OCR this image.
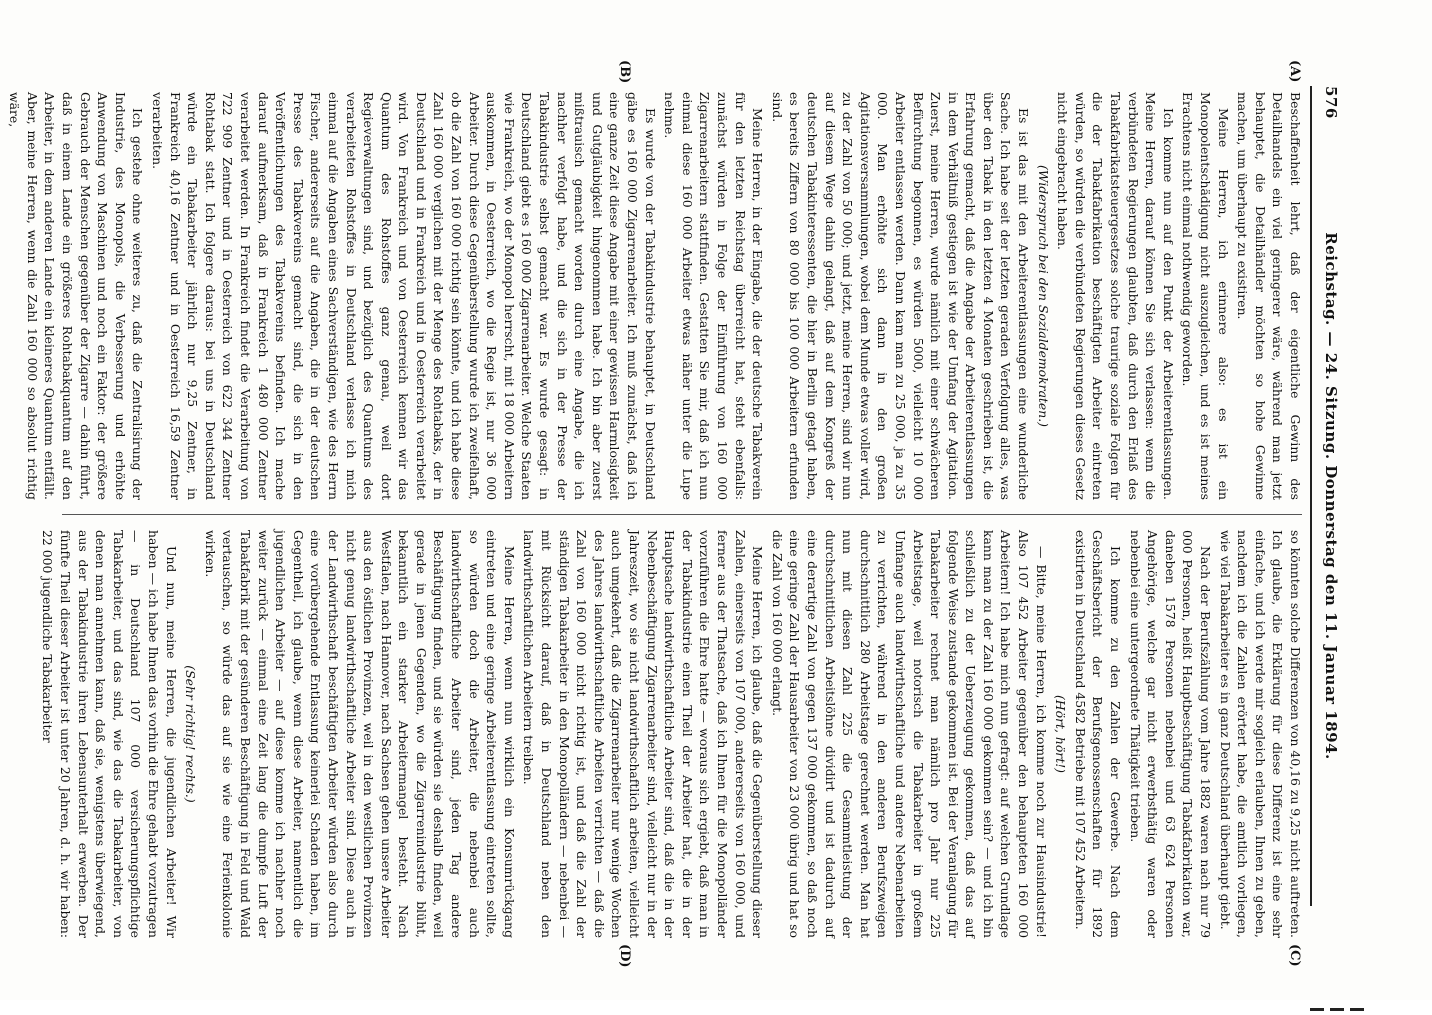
576
Reichstag. — 24. Sitzung. Donnerstag den 11. Januar 1894.
(A)
(B)
(C)
(D)

Beschaffenheit lehrt, daß der eigentliche Gewinn des Detailhandels ein viel geringerer wäre, während man jetzt behauptet, die Detailhändler möchten so hohe Gewinne machen, um überhaupt zu existiren.

Meine Herren, ich erinnere also: es ist ein Monopolentschädigung nicht auszugleichen, und es ist meines Erachtens nicht einmal nothwendig geworden.

Ich komme nun auf den Punkt der Arbeiterentlassungen. Meine Herren, darauf können Sie sich verlassen: wenn die verbündeten Regierungen glaubten, daß durch den Erlaß des Tabakfabrikatsteuergesetzes solche traurige soziale Folgen für die der Tabakfabrikation beschäftigten Arbeiter eintreten würden, so würden die verbündeten Regierungen dieses Gesetz nicht eingebracht haben.

(Widerspruch bei den Sozialdemokraten.)

Es ist das mit den Arbeiterentlassungen eine wunderliche Sache. Ich habe seit der letzten geraden Verfolgung alles, was über den Tabak in den letzten 4 Monaten geschrieben ist, die Erfahrung gemacht, daß die Angabe der Arbeiterentlassungen in dem Verhältniß gestiegen ist wie der Umfang der Agitation. Zuerst, meine Herren, wurde nämlich mit einer schwächeren Befürchtung begonnen, es würden 5000, vielleicht 10 000 Arbeiter entlassen werden. Dann kam man zu 25 000, ja zu 35 000. Man erhöhte sich dann in den großen Agitationsversammlungen, wobei dem Munde etwas voller wird, zu der Zahl von 50 000; und jetzt, meine Herren, sind wir nun auf diesem Wege dahin gelangt, daß auf dem Kongreß der deutschen Tabakinteressenten, die hier in Berlin getagt haben, es bereits Ziffern von 80 000 bis 100 000 Arbeitern erfunden sind.

Meine Herren, in der Eingabe, die der deutsche Tabakverein für den letzten Reichstag überreicht hat, steht ebenfalls: zunächst würden in Folge der Einführung von 160 000 Zigarrenarbeitern stattfinden. Gestatten Sie mir, daß ich nun einmal diese 160 000 Arbeiter etwas näher unter die Lupe nehme.

Es wurde von der Tabakindustrie behauptet, in Deutschland gäbe es 160 000 Zigarrenarbeiter. Ich muß zunächst, daß ich eine ganze Zeit diese Angabe mit einer gewissen Harmlosigkeit und Gutgläubigkeit hingenommen habe. Ich bin aber zuerst mißtrauisch gemacht worden durch eine Angabe, die ich nachher verfolgt habe, und die sich in der Presse der Tabakindustrie selbst gemacht war. Es wurde gesagt: in Deutschland giebt es 160 000 Zigarrenarbeiter. Welche Staaten wie Frankreich, wo der Monopol herrscht, mit 18 000 Arbeitern auskommen, in Oesterreich, wo die Regie ist, nur 36 000 Arbeiter. Durch diese Gegenüberstellung wurde ich zweifelhaft, ob die Zahl von 160 000 richtig sein könnte, und ich habe diese Zahl 160 000 verglichen mit der Menge des Rohtabaks, der in Deutschland und in Frankreich und in Oesterreich verarbeitet wird. Von Frankreich und von Oesterreich kennen wir das Quantum des Rohstoffes ganz genau, weil dort Regieverwaltungen sind, und bezüglich des Quantums des verarbeiteten Rohstoffes in Deutschland verlasse ich mich einmal auf die Angaben eines Sachverständigen, wie des Herrn Fischer, andererseits auf die Angaben, die in der deutschen Presse des Tabakvereins gemacht sind, die sich in den Veröffentlichungen des Tabakvereins befinden. Ich mache darauf aufmerksam, daß in Frankreich 1 480 000 Zentner verarbeitet werden. In Frankreich findet die Verarbeitung von 722 909 Zentner und in Oesterreich von 622 344 Zentner Rohtabak statt. Ich folgere daraus: bei uns in Deutschland würde ein Tabakarbeiter jährlich nur 9,25 Zentner, in Frankreich 40,16 Zentner und in Oesterreich 16,59 Zentner verarbeiten.

Ich gestehe ohne weiteres zu, daß die Zentralisirung der Industrie, des Monopols, die Verbesserung und erhöhte Anwendung von Maschinen und noch ein Faktor: der größere Gebrauch der Menschen gegenüber der Zigarre — dahin führt, daß in einem Lande ein größeres Rohtabakquantum auf den Arbeiter, in dem anderen Lande ein kleineres Quantum entfällt. Aber, meine Herren, wenn die Zahl 160 000 so absolut richtig wäre,

so könnten solche Differenzen von 40,16 zu 9,25 nicht auftreten. Ich glaube, die Erklärung für diese Differenz ist eine sehr einfache, und ich werde mir sogleich erlauben, Ihnen zu geben, nachdem ich die Zahlen erörtert habe, die amtlich vorliegen, wie viel Tabakarbeiter es in ganz Deutschland überhaupt giebt.

Nach der Berufszählung vom Jahre 1882 waren nach nur 79 000 Personen, heißt Hauptbeschäftigung Tabakfabrikation war, daneben 1578 Personen nebenbei und 63 624 Personen Angehörige, welche gar nicht erwerbsthätig waren oder nebenbei eine untergeordnete Thätigkeit trieben.

Ich komme zu den Zahlen der Gewerbe. Nach dem Geschäftsbericht der Berufsgenossenschaften für 1892 existirten in Deutschland 4582 Betriebe mit 107 452 Arbeitern.

(Hört, hört!)

— Bitte, meine Herren, ich komme noch zur Hausindustrie! Also 107 452 Arbeiter gegenüber den behaupteten 160 000 Arbeitern! Ich habe mich nun gefragt: auf welchen Grundlage kann man zu der Zahl 160 000 gekommen sein? — und ich bin schließlich zu der Ueberzeugung gekommen, daß das auf folgende Weise zustande gekommen ist. Bei der Veranlagung für Tabakarbeiter rechnet man nämlich pro Jahr nur 225 Arbeitstage, weil notorisch die Tabakarbeiter in großem Umfange auch landwirthschaftliche und andere Nebenarbeiten zu verrichten, während in den anderen Berufszweigen durchschnittlich 280 Arbeitstage gerechnet werden. Man hat nun mit diesen Zahl 225 die Gesammtleistung der durchschnittlichen Arbeitslöhne dividirt und ist dadurch auf eine derartige Zahl von gegen 137 000 gekommen, so daß noch eine geringe Zahl der Hausarbeiter von 23 000 übrig und hat so die Zahl von 160 000 erlangt.

Meine Herren, ich glaube, daß die Gegenüberstellung dieser Zahlen, einerseits von 107 000, andererseits von 160 000, und ferner aus der Thatsache, daß ich Ihnen für die Monopolländer vorzuführen die Ehre hatte — woraus sich ergiebt, daß man in der Tabakindustrie einen Theil der Arbeiter hat, die in der Hauptsache landwirthschaftliche Arbeiter sind, daß die in der Nebenbeschäftigung Zigarrenarbeiter sind, vielleicht nur in der Jahreszeit, wo sie nicht landwirthschaftlich arbeiten, vielleicht auch umgekehrt, daß die Zigarrenarbeiter nur wenige Wochen des Jahres landwirthschaftliche Arbeiten verrichten — daß die Zahl von 160 000 nicht richtig ist, und daß die Zahl der ständigen Tabakarbeiter in den Monopolländern — nebenbei — mit Rücksicht darauf, daß in Deutschland neben den landwirthschaftlichen Arbeitern treiben.

Meine Herren, wenn nun wirklich ein Konsumrückgang eintreten und eine geringe Arbeiterentlassung eintreten sollte, so würden doch die Arbeiter, die nebenbei auch landwirthschaftliche Arbeiter sind, jeden Tag andere Beschäftigung finden, und sie würden sie deshalb finden, weil gerade in jenen Gegenden, wo die Zigarrenindustrie blüht, bekanntlich ein starker Arbeitermangel besteht. Nach Westfalen, nach Hannover, nach Sachsen gehen unsere Arbeiter aus den östlichen Provinzen, weil in den westlichen Provinzen nicht genug landwirthschaftliche Arbeiter sind. Diese auch in der Landwirthschaft beschäftigten Arbeiter würden also durch eine vorübergehende Entlassung keinerlei Schaden haben, im Gegentheil, ich glaube, wenn diese Arbeiter, namentlich die jugendlichen Arbeiter — auf diese komme ich nachher noch weiter zurück — einmal eine Zeit lang die dumpfe Luft der Tabakfabrik mit der gesünderen Beschäftigung in Feld und Wald vertauschen, so würde das auf sie wie eine Ferienkolonie wirken.

(Sehr richtig! rechts.)

Und nun, meine Herren, die jugendlichen Arbeiter! Wir haben — ich habe Ihnen das vorhin die Ehre gehabt vorzutragen — in Deutschland 107 000 versicherungspflichtige Tabakarbeiter, und das sind, wie das die Tabakarbeiter, von denen man annehmen kann, daß sie, wenigstens überwiegend, aus der Tabakindustrie ihren Lebensunterhalt erwerben. Der fünfte Theil dieser Arbeiter ist unter 20 Jahren, d. h. wir haben: 22 000 jugendliche Tabakarbeiter
